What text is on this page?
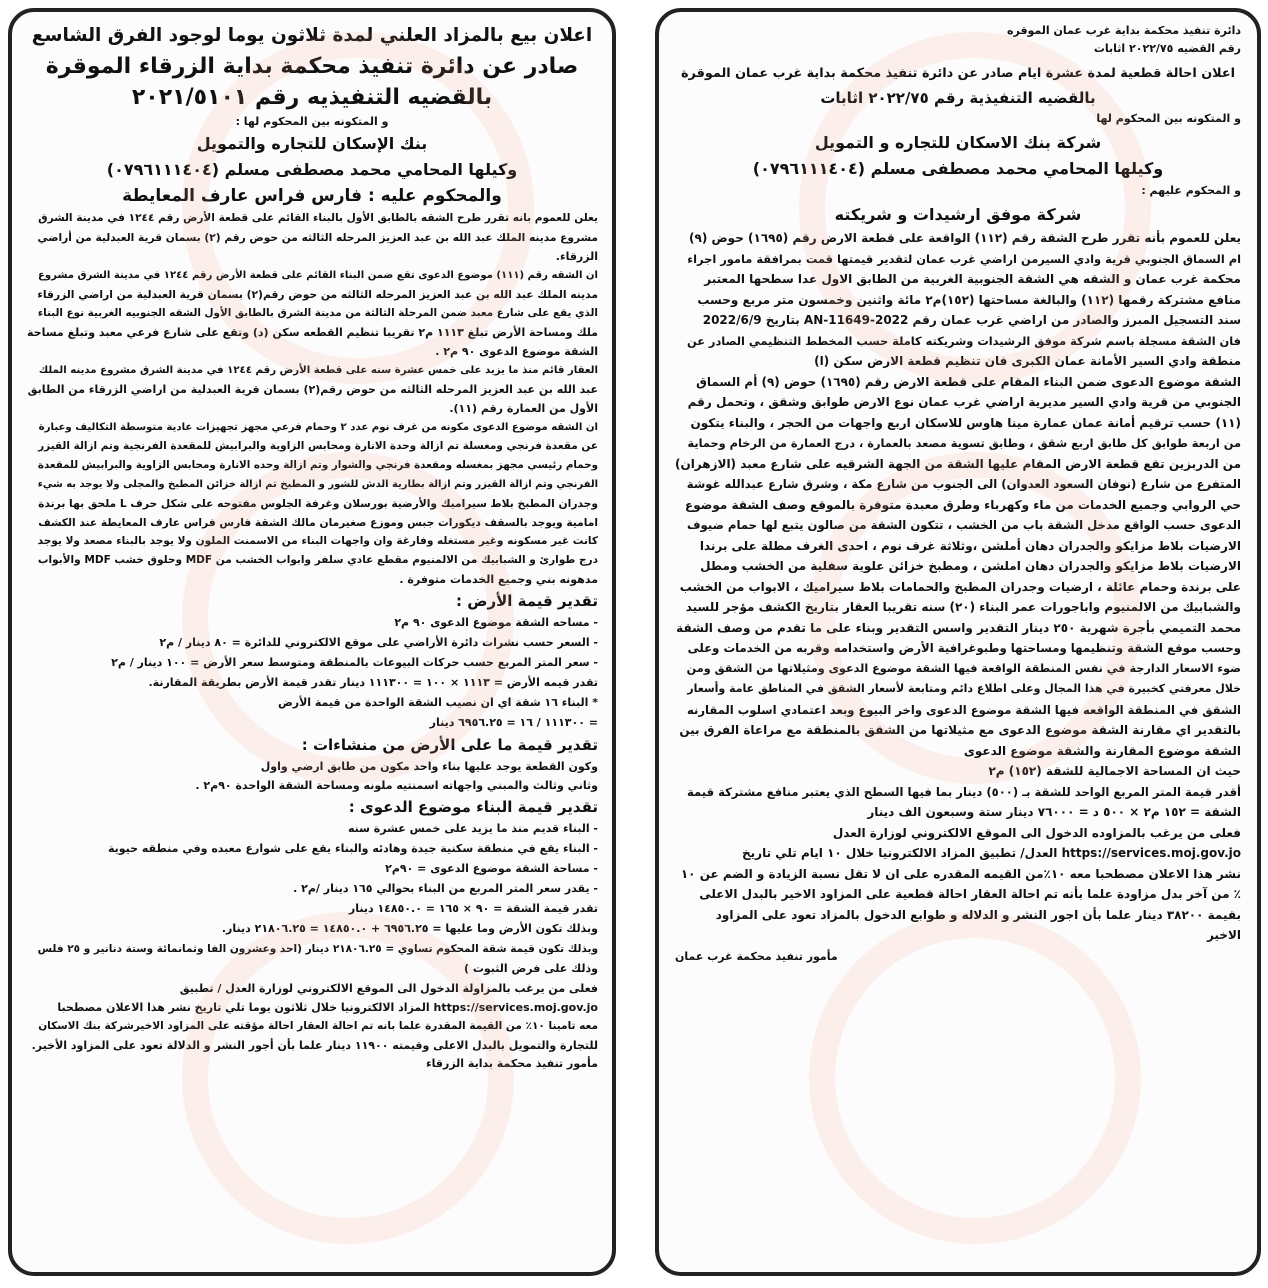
دائرة تنفيذ محكمة بداية غرب عمان الموقره
رقم القضيه ٢٠٢٢/٧٥ اثابات
اعلان احالة قطعية لمدة عشرة ايام صادر عن دائرة تنفيذ محكمة بداية غرب عمان الموقرة
بالقضيه التنفيذية رقم ٢٠٢٢/٧٥ اثابات
و المتكونه بين المحكوم لها
شركة بنك الاسكان للتجاره و التمويل
وكيلها المحامي محمد مصطفى مسلم (٠٧٩٦١١١٤٠٤)
و المحكوم عليهم :
شركة موفق ارشيدات و شريكته
يعلن للعموم بأنه تقرر طرح الشقة رقم (١١٢) الواقعة على قطعة الارض رقم (١٦٩٥) حوض (٩)
ام السماق الجنوبي قرية وادي السيرمن اراضي غرب عمان لتقدير قيمتها قمت بمرافقة مامور اجراء
محكمة غرب عمان و الشقه هي الشقة الجنوبية الغربية من الطابق الاول عدا سطحها المعتبر
منافع مشتركة رقمها (١١٢) والبالغة مساحتها (١٥٢)م٢ مائة واثنين وخمسون متر مربع وحسب
سند التسجيل المبرز والصادر من اراضي غرب عمان رقم 2022-AN-11649 بتاريخ 2022/6/9
فان الشقة مسجلة باسم شركة موفق الرشيدات وشريكته كاملة حسب المخطط التنظيمي الصادر عن
منطقة وادي السير الأمانة عمان الكبرى فان تنظيم قطعة الارض سكن (ا)
الشقة موضوع الدعوى ضمن البناء المقام على قطعة الارض رقم (١٦٩٥) حوض (٩) أم السماق
الجنوبي من قرية وادي السير مديرية اراضي غرب عمان نوع الارض طوابق وشقق ، وتحمل رقم
(١١) حسب ترقيم أمانة عمان عمارة مينا هاوس للاسكان اربع واجهات من الحجر ، والبناء يتكون
من اربعة طوابق كل طابق اربع شقق ، وطابق تسوية مصعد بالعمارة ، درج العمارة من الرخام وحماية
من الدربزين تقع قطعة الارض المقام عليها الشقة من الجهة الشرقيه على شارع معبد (الازهران)
المتفرع من شارع (نوفان السعود العدوان) الى الجنوب من شارع مكة ، وشرق شارع عبدالله غوشة
حي الروابي وجميع الخدمات من ماء وكهرباء وطرق معبدة متوفرة بالموقع وصف الشقة موضوع
الدعوى حسب الواقع مدخل الشقة باب من الخشب ، تتكون الشقة من صالون يتبع لها حمام ضيوف
الارضيات بلاط مزايكو والجدران دهان أملشن ،وثلاثة غرف نوم ، احدى الغرف مطلة على برندا
الارضيات بلاط مزايكو والجدران دهان املشن ، ومطبخ خزائن علوية سفلية من الخشب ومطل
على برندة وحمام عائلة ، ارضيات وجدران المطبخ والحمامات بلاط سيراميك ، الابواب من الخشب
والشبابيك من الالمنيوم واباجورات عمر البناء (٢٠) سنه تقريبا العقار بتاريخ الكشف مؤجر للسيد
محمد التميمي بأجرة شهرية ٢٥٠ دينار التقدير واسس التقدير وبناء على ما تقدم من وصف الشقة
وحسب موقع الشقة وتنظيمها ومساحتها وطبوغرافية الأرض واستخدامه وقربه من الخدمات وعلى
ضوء الاسعار الدارجة في نفس المنطقة الواقعة فيها الشقة موضوع الدعوى ومثيلاتها من الشقق ومن
خلال معرفتي كخبيرة في هذا المجال وعلى اطلاع دائم ومتابعة لأسعار الشقق في المناطق عامة وأسعار
الشقق في المنطقة الواقعه فيها الشقة موضوع الدعوى واخر البيوع وبعد اعتمادي اسلوب المقارنه
بالتقدير اي مقارنة الشقة موضوع الدعوى مع مثيلاتها من الشقق بالمنطقة مع مراعاة الفرق بين
الشقة موضوع المقارنة والشقة موضوع الدعوى
حيث ان المساحة الاجمالية للشقة (١٥٢) م٢
أقدر قيمة المتر المربع الواحد للشقة بـ (٥٠٠) دينار بما فيها السطح الذي يعتبر منافع مشتركة قيمة
الشقة = ١٥٢ م٢ × ٥٠٠ د = ٧٦٠٠٠ دينار ستة وسبعون الف دينار
فعلى من يرغب بالمزاوده الدخول الى الموقع الالكتروني لوزارة العدل
https://services.moj.gov.jo العدل/ تطبيق المزاد الالكترونيا خلال ١٠ ايام تلي تاريخ
نشر هذا الاعلان مصطحبا معه ١٠٪من القيمه المقدره على ان لا تقل نسبة الزيادة و الضم عن ١٠
٪ من آخر بدل مزاودة علما بأنه تم احالة العقار احالة قطعية على المزاود الاخير بالبدل الاعلى
بقيمة ٣٨٢٠٠ دينار علما بأن اجور النشر و الدلاله و طوابع الدخول بالمزاد تعود على المزاود
الاخير
مأمور تنفيذ محكمة غرب عمان
اعلان بيع بالمزاد العلني لمدة ثلاثون يوما لوجود الفرق الشاسع
صادر عن دائرة تنفيذ محكمة بداية الزرقاء الموقرة
بالقضيه التنفيذيه رقم ٢٠٢١/٥١٠١
و المتكونه بين المحكوم لها :
بنك الإسكان للتجاره والتمويل
وكيلها المحامي محمد مصطفى مسلم (٠٧٩٦١١١٤٠٤)
والمحكوم عليه : فارس فراس عارف المعايطة
يعلن للعموم بانه تقرر طرح الشقه بالطابق الأول بالبناء القائم على قطعة الأرض رقم ١٢٤٤ في مدينة الشرق
مشروع مدينه الملك عبد الله بن عبد العزيز المرحله الثالثه من حوض رقم (٢) بسمان قرية العبدلية من أراضي
الزرقاء.
ان الشقه رقم (١١١) موضوع الدعوى تقع ضمن البناء القائم على قطعة الأرض رقم ١٢٤٤ في مدينة الشرق مشروع
مدينه الملك عبد الله بن عبد العزيز المرحله الثالثه من حوض رقم(٢) بسمان قرية العبدلية من اراضي الزرقاء
الذي يقع على شارع معبد ضمن المرحلة الثالثة من مدينة الشرق بالطابق الأول الشقه الجنوبيه الغربية نوع البناء
ملك ومساحة الأرض تبلغ ١١١٣ م٢ تقريبا تنظيم القطعه سكن (د) وتقع على شارع فرعي معبد وتبلغ مساحة
الشقة موضوع الدعوى ٩٠ م٢ .
العقار قائم منذ ما يزيد على خمس عشرة سنه على قطعة الأرض رقم ١٢٤٤ في مدينة الشرق مشروع مدينه الملك
عبد الله بن عبد العزيز المرحله الثالثه من حوض رقم(٢) بسمان قرية العبدلية من اراضي الزرقاء من الطابق
الأول من العمارة رقم (١١).
ان الشقه موضوع الدعوى مكونه من غرف نوم عدد ٢ وحمام فرعي مجهز تجهيزات عادية متوسطة التكاليف وعبارة
عن مقعدة فرنجي ومغسلة تم ازالة وحدة الانارة ومحابس الزاوية والبرابيش للمقعدة الفرنجية وتم ازالة القيزر
وحمام رئيسي مجهز بمغسله ومقعدة فرنجي والشوار وتم ازالة وحده الانارة ومحابس الزاوية والبرابيش للمقعدة
الفرنجي وتم ازالة القيزر وتم ازالة بطارية الدش للشور و المطبخ تم ازالة خزائن المطبخ والمجلى ولا يوجد به شيء
وجدران المطبخ بلاط سيراميك والأرضية بورسلان وغرفة الجلوس مفتوحه على شكل حرف L ملحق بها برندة
امامية ويوجد بالسقف ديكورات جبس وموزع صغيرمان مالك الشقة فارس فراس عارف المعايطة عند الكشف
كانت غير مسكونه وغير مستغله وفارغة وان واجهات البناء من الاسمنت الملون ولا يوجد بالبناء مصعد ولا يوجد
درج طوارئ و الشبابيك من الالمنيوم مقطع عادي سلفر وابواب الخشب من MDF وحلوق خشب MDF والأبواب
مدهونه بني وجميع الخدمات متوفرة .
تقدير قيمة الأرض :
- مساحه الشقة موضوع الدعوى ٩٠ م٢
- السعر حسب نشرات دائرة الأراضي على موقع الالكتروني للدائرة = ٨٠ دينار / م٢
- سعر المتر المربع حسب حركات البيوعات بالمنطقة ومتوسط سعر الأرض = ١٠٠ دينار / م٢
تقدر قيمه الأرض = ١١١٣ × ١٠٠ = ١١١٣٠٠ دينار تقدر قيمة الأرض بطريقة المقارنة.
* البناء ١٦ شقة اي ان نصيب الشقة الواحدة من قيمة الأرض
= ١١١٣٠٠ / ١٦ = ٦٩٥٦.٢٥ دينار
تقدير قيمة ما على الأرض من منشاءات :
وكون القطعة يوجد عليها بناء واحد مكون من طابق ارضي واول
وثاني وثالث والمبني واجهاته اسمنتيه ملونه ومساحة الشقة الواحدة ٩٠م٢ .
تقدير قيمة البناء موضوع الدعوى :
- البناء قديم منذ ما يزيد على خمس عشرة سنه
- البناء يقع في منطقة سكنية جيدة وهادئه والبناء يقع على شوارع معبده وفي منطقه حيوية
- مساحة الشقة موضوع الدعوى = ٩٠م٢
- يقدر سعر المتر المربع من البناء بحوالي ١٦٥ دينار /م٢ .
تقدر قيمة الشقة = ٩٠ × ١٦٥ = ١٤٨٥٠.٠ دينار
وبذلك تكون الأرض وما عليها = ٦٩٥٦.٢٥ + ١٤٨٥٠.٠ = ٢١٨٠٦.٢٥ دينار.
وبذلك تكون قيمة شقة المحكوم تساوي = ٢١٨٠٦.٢٥ دينار (احد وعشرون الفا وثمانمائة وستة دنانير و ٢٥ فلس
وذلك على فرض الثبوت )
فعلى من يرغب بالمزاولة الدخول الى الموقع الالكتروني لوزارة العدل / تطبيق
https://services.moj.gov.jo المزاد الالكترونيا خلال ثلاثون يوما تلي تاريخ نشر هذا الاعلان مصطحبا
معه تامينا ١٠٪ من القيمة المقدرة علما بانه تم احالة العقار احالة مؤقته على المزاود الاخيرشركة بنك الاسكان
للتجارة والتمويل بالبدل الاعلى وقيمته ١١٩٠٠ دينار علما بأن أجور النشر و الدلالة تعود على المزاود الأخير.
مأمور تنفيذ محكمة بداية الزرقاء
